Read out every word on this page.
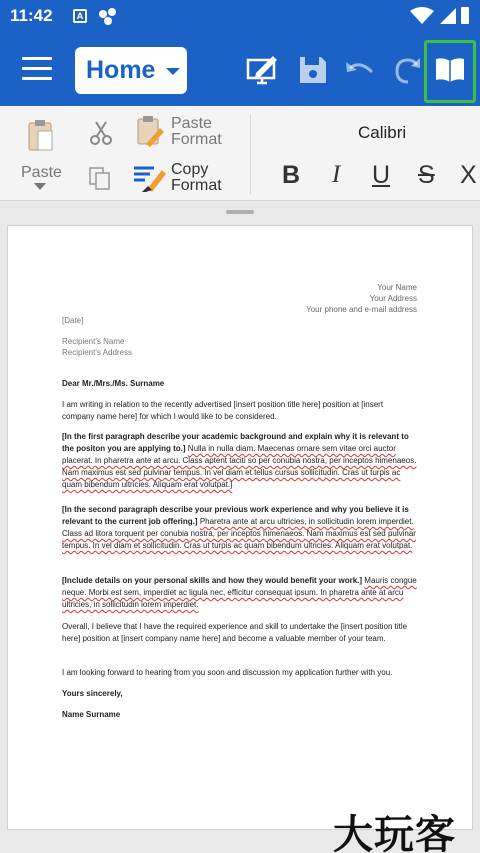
11:42	A
Home
Paste
Paste
Format
Copy
Format
Calibri
B I U S X
Your Name
Your Address
Your phone and e-mail address
[Date]
Recipient's Name
Recipient's Address
Dear Mr./Mrs./Ms. Surname
I am writing in relation to the recently advertised [insert position title here] position at [insert company name here] for which I would like to be considered.
[In the first paragraph describe your academic background and explain why it is relevant to the positon you are applying to.] Nulla in nulla diam. Maecenas ornare sem vitae orci auctor placerat. In pharetra ante at arcu. Class aptent taciti so per conubia nostra, per inceptos himenaeos. Nam maximus est sed pulvinar tempus. In vel diam et tellus cursus sollicitudin. Cras ut turpis ac quam bibendum ultricies. Aliquam erat volutpat.]
[In the second paragraph describe your previous work experience and why you believe it is relevant to the current job offering.] Pharetra ante at arcu ultricies, in sollicitudin lorem imperdiet. Class ad litora torquent per conubia nostra, per inceptos himenaeos. Nam maximus est sed pulvinar tempus. In vel diam et sollicitudin. Cras ut turpis ac quam bibendum ultricies. Aliquam erat volutpat.
[Include details on your personal skills and how they would benefit your work.] Mauris congue neque. Morbi est sem, imperdiet ac ligula nec, efficitur consequat ipsum. In pharetra ante at arcu ultricies, in sollicitudin lorem imperdiet.
Overall, I believe that I have the required experience and skill to undertake the [insert position title here] position at [insert company name here] and become a valuable member of your team.
I am looking forward to hearing from you soon and discussion my application further with you.
Yours sincerely,
Name Surname
大玩客
